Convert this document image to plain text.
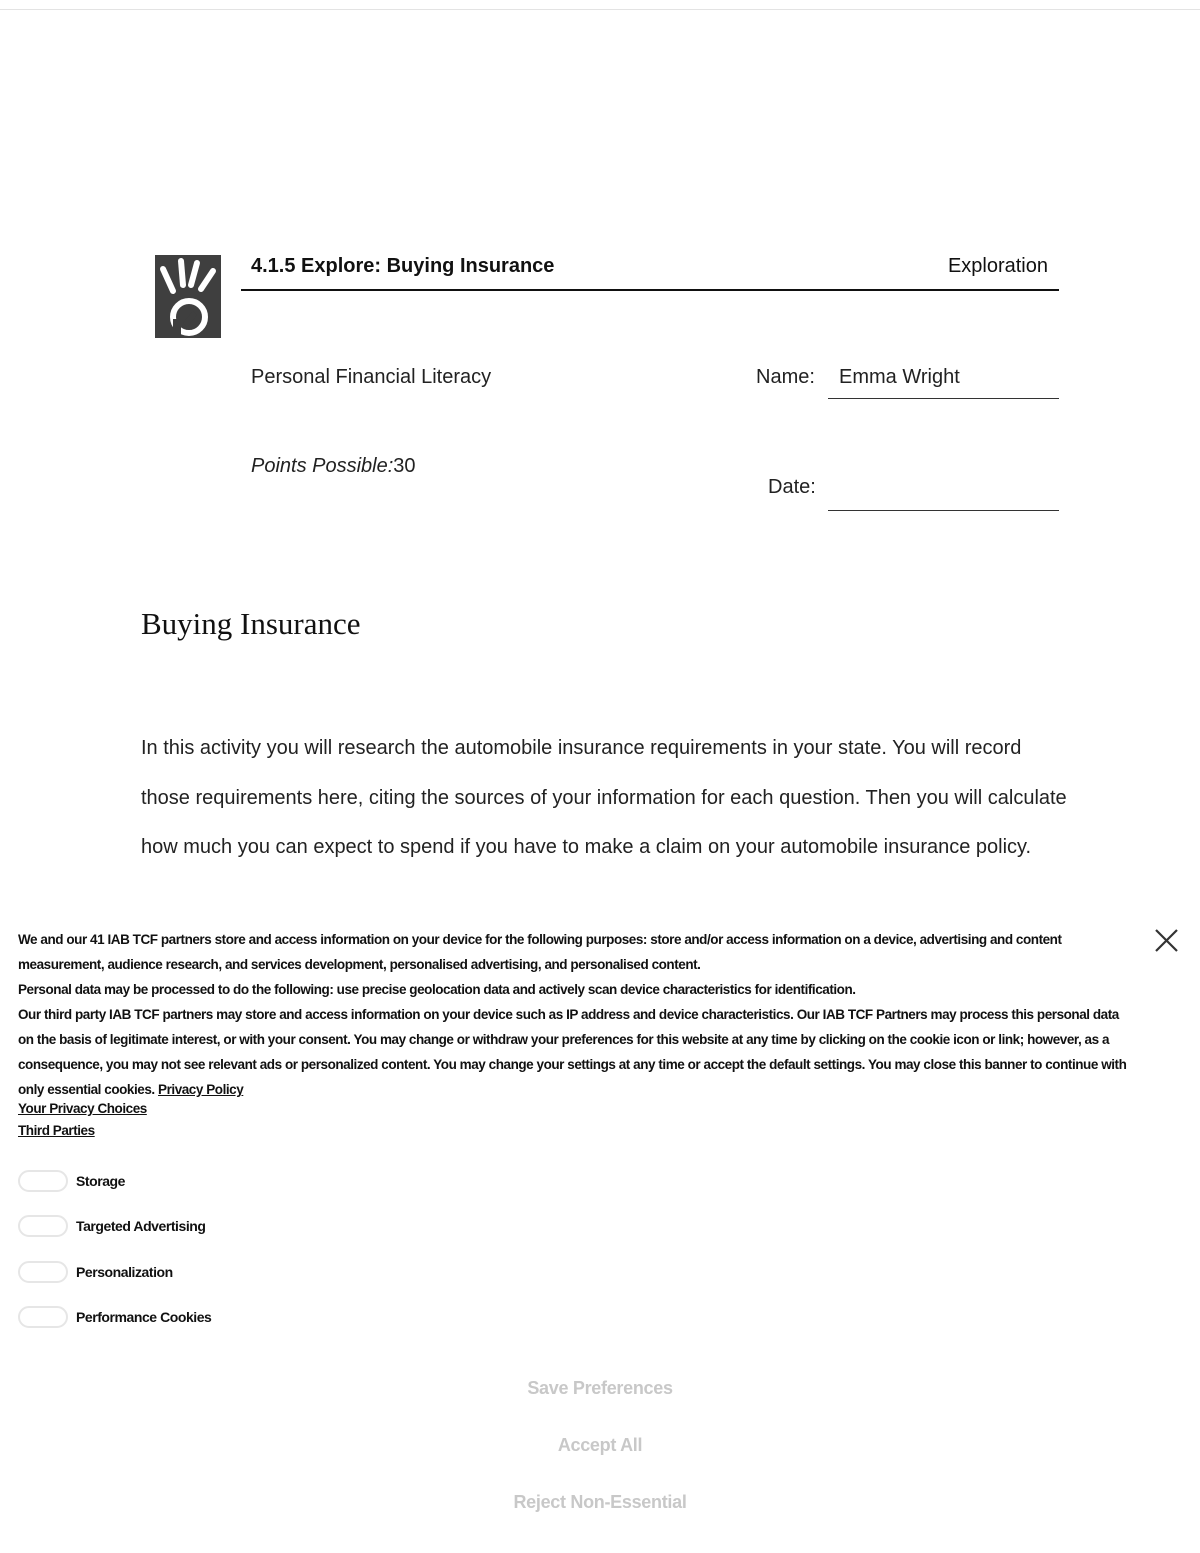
4.1.5 Explore: Buying Insurance	Exploration
Personal Financial Literacy	Name: Emma Wright
Points Possible:30
Date:
Buying Insurance

In this activity you will research the automobile insurance requirements in your state. You will record those requirements here, citing the sources of your information for each question. Then you will calculate how much you can expect to spend if you have to make a claim on your automobile insurance policy.

We and our 41 IAB TCF partners store and access information on your device for the following purposes: store and/or access information on a device, advertising and content measurement, audience research, and services development, personalised advertising, and personalised content.

Personal data may be processed to do the following: use precise geolocation data and actively scan device characteristics for identification.

Our third party IAB TCF partners may store and access information on your device such as IP address and device characteristics. Our IAB TCF Partners may process this personal data on the basis of legitimate interest, or with your consent. You may change or withdraw your preferences for this website at any time by clicking on the cookie icon or link; however, as a consequence, you may not see relevant ads or personalized content. You may change your settings at any time or accept the default settings. You may close this banner to continue with only essential cookies. Privacy Policy

Your Privacy Choices
Third Parties
Storage
Targeted Advertising
Personalization
Performance Cookies
Save Preferences
Accept All
Reject Non-Essential
